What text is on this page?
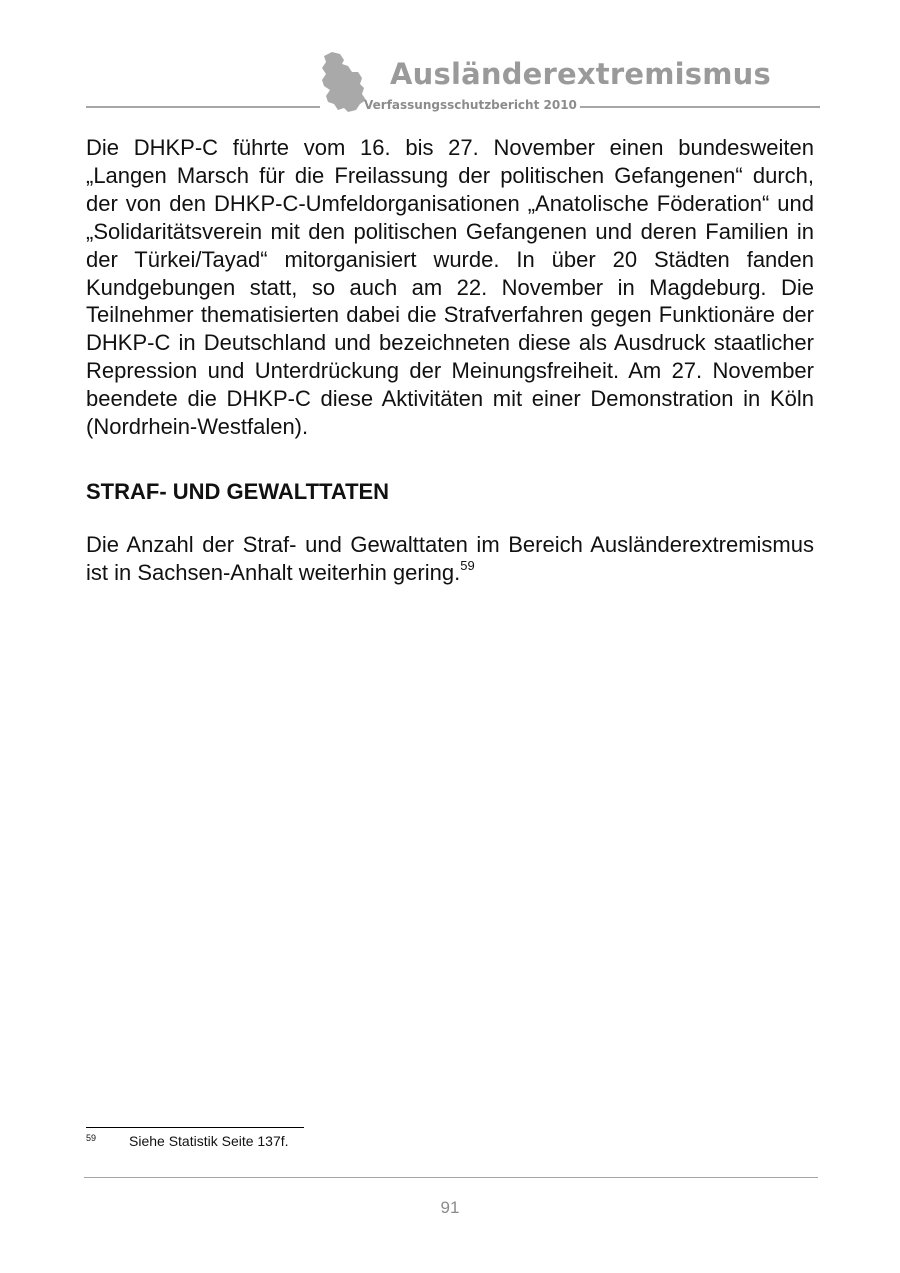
Ausländerextremismus
Verfassungsschutzbericht 2010

Die DHKP-C führte vom 16. bis 27. November einen bundesweiten „Langen Marsch für die Freilassung der politischen Gefangenen“ durch, der von den DHKP-C-Umfeldorganisationen „Anatolische Föderation“ und „Solidaritätsverein mit den politischen Gefangenen und deren Familien in der Türkei/Tayad“ mitorganisiert wurde. In über 20 Städten fanden Kundgebungen statt, so auch am 22. November in Magdeburg. Die Teilnehmer thematisierten dabei die Strafverfahren gegen Funktionäre der DHKP-C in Deutschland und bezeichneten diese als Ausdruck staatlicher Repression und Unterdrückung der Meinungsfreiheit. Am 27. November beendete die DHKP-C diese Aktivitäten mit einer Demonstration in Köln (Nordrhein-Westfalen).

STRAF- UND GEWALTTATEN

Die Anzahl der Straf- und Gewalttaten im Bereich Ausländerextremismus ist in Sachsen-Anhalt weiterhin gering.$^{59}$

59 Siehe Statistik Seite 137f.
91
